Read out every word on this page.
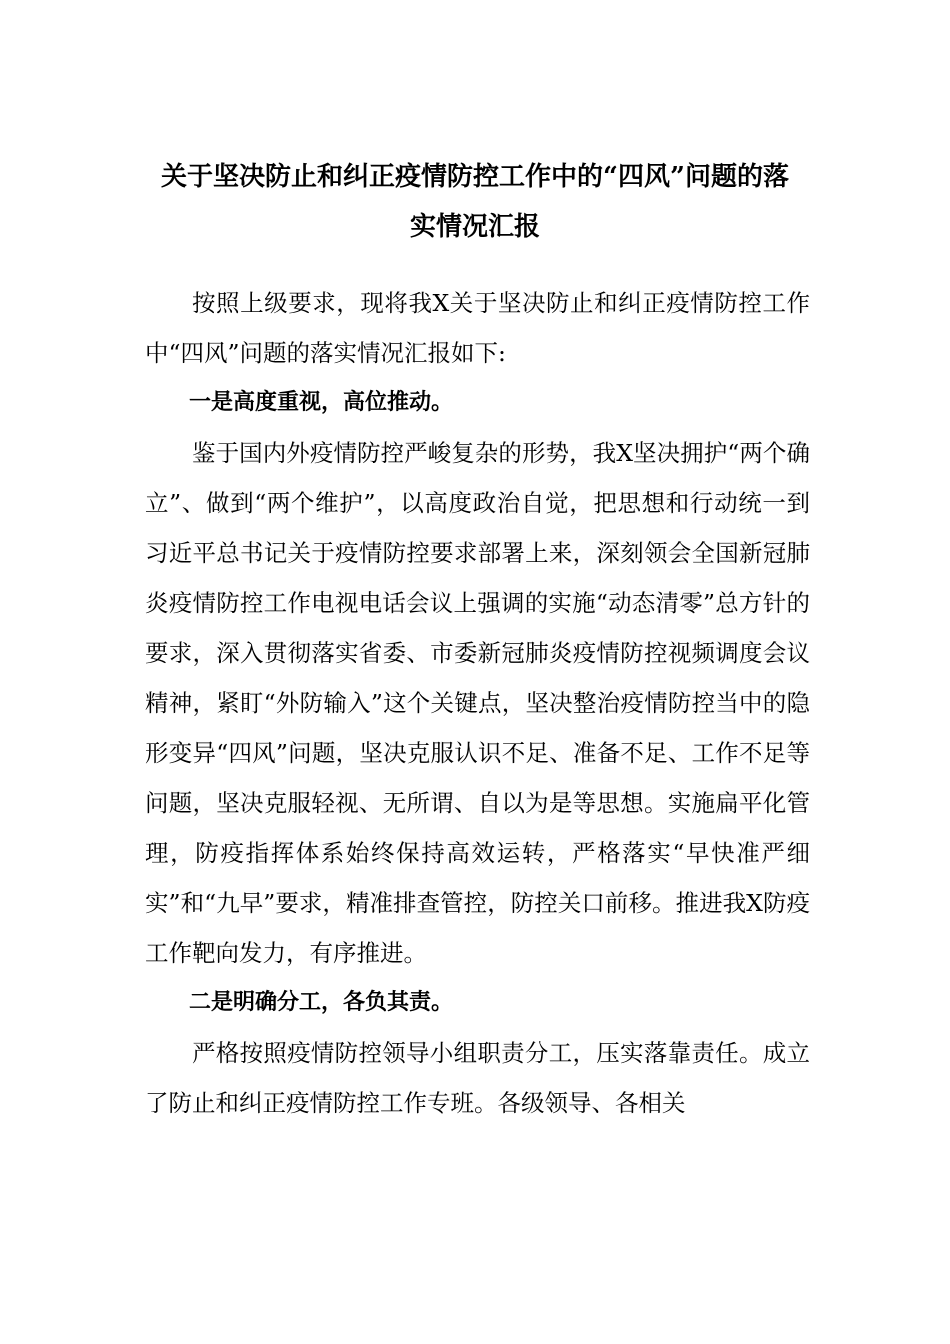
关于坚决防止和纠正疫情防控工作中的“四风”问题的落
实情况汇报

按照上级要求，现将我X关于坚决防止和纠正疫情防控工作中“四风”问题的落实情况汇报如下:

一是高度重视，高位推动。

鉴于国内外疫情防控严峻复杂的形势，我X坚决拥护“两个确立”、做到“两个维护”，以高度政治自觉，把思想和行动统一到习近平总书记关于疫情防控要求部署上来，深刻领会全国新冠肺炎疫情防控工作电视电话会议上强调的实施“动态清零”总方针的要求，深入贯彻落实省委、市委新冠肺炎疫情防控视频调度会议精神，紧盯“外防输入”这个关键点，坚决整治疫情防控当中的隐形变异“四风”问题，坚决克服认识不足、准备不足、工作不足等问题，坚决克服轻视、无所谓、自以为是等思想。实施扁平化管理，防疫指挥体系始终保持高效运转，严格落实“早快准严细实”和“九早”要求，精准排查管控，防控关口前移。推进我X防疫工作靶向发力，有序推进。

二是明确分工，各负其责。

严格按照疫情防控领导小组职责分工，压实落靠责任。成立了防止和纠正疫情防控工作专班。各级领导、各相关
